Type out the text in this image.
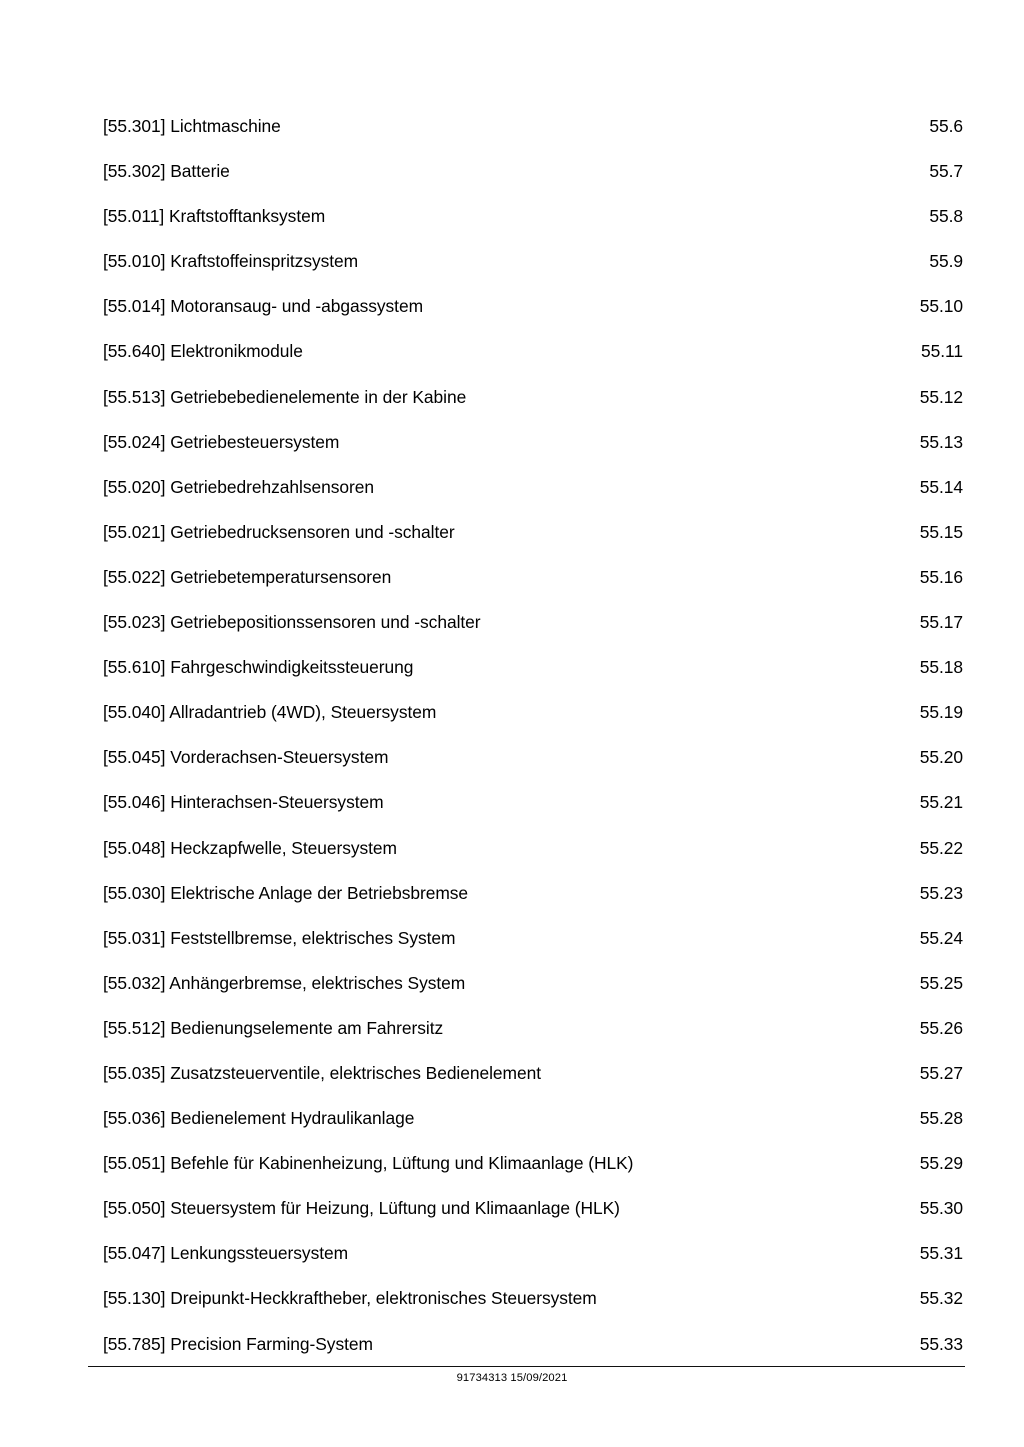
[55.301] Lichtmaschine .....	55.6
[55.302] Batterie .....	55.7
[55.011] Kraftstofftanksystem .....	55.8
[55.010] Kraftstoffeinspritzsystem .....	55.9
[55.014] Motoransaug- und -abgassystem .....	55.10
[55.640] Elektronikmodule .....	55.11
[55.513] Getriebebedienelemente in der Kabine .....	55.12
[55.024] Getriebesteuersystem .....	55.13
[55.020] Getriebedrehzahlsensoren .....	55.14
[55.021] Getriebedrucksensoren und -schalter .....	55.15
[55.022] Getriebetemperatursensoren .....	55.16
[55.023] Getriebepositionssensoren und -schalter .....	55.17
[55.610] Fahrgeschwindigkeitssteuerung .....	55.18
[55.040] Allradantrieb (4WD), Steuersystem .....	55.19
[55.045] Vorderachsen-Steuersystem .....	55.20
[55.046] Hinterachsen-Steuersystem .....	55.21
[55.048] Heckzapfwelle, Steuersystem .....	55.22
[55.030] Elektrische Anlage der Betriebsbremse .....	55.23
[55.031] Feststellbremse, elektrisches System .....	55.24
[55.032] Anhängerbremse, elektrisches System .....	55.25
[55.512] Bedienungselemente am Fahrersitz .....	55.26
[55.035] Zusatzsteuerventile, elektrisches Bedienelement .....	55.27
[55.036] Bedienelement Hydraulikanlage .....	55.28
[55.051] Befehle für Kabinenheizung, Lüftung und Klimaanlage (HLK) .....	55.29
[55.050] Steuersystem für Heizung, Lüftung und Klimaanlage (HLK) .....	55.30
[55.047] Lenkungssteuersystem .....	55.31
[55.130] Dreipunkt-Heckkraftheber, elektronisches Steuersystem .....	55.32
[55.785] Precision Farming-System .....	55.33
91734313 15/09/2021
